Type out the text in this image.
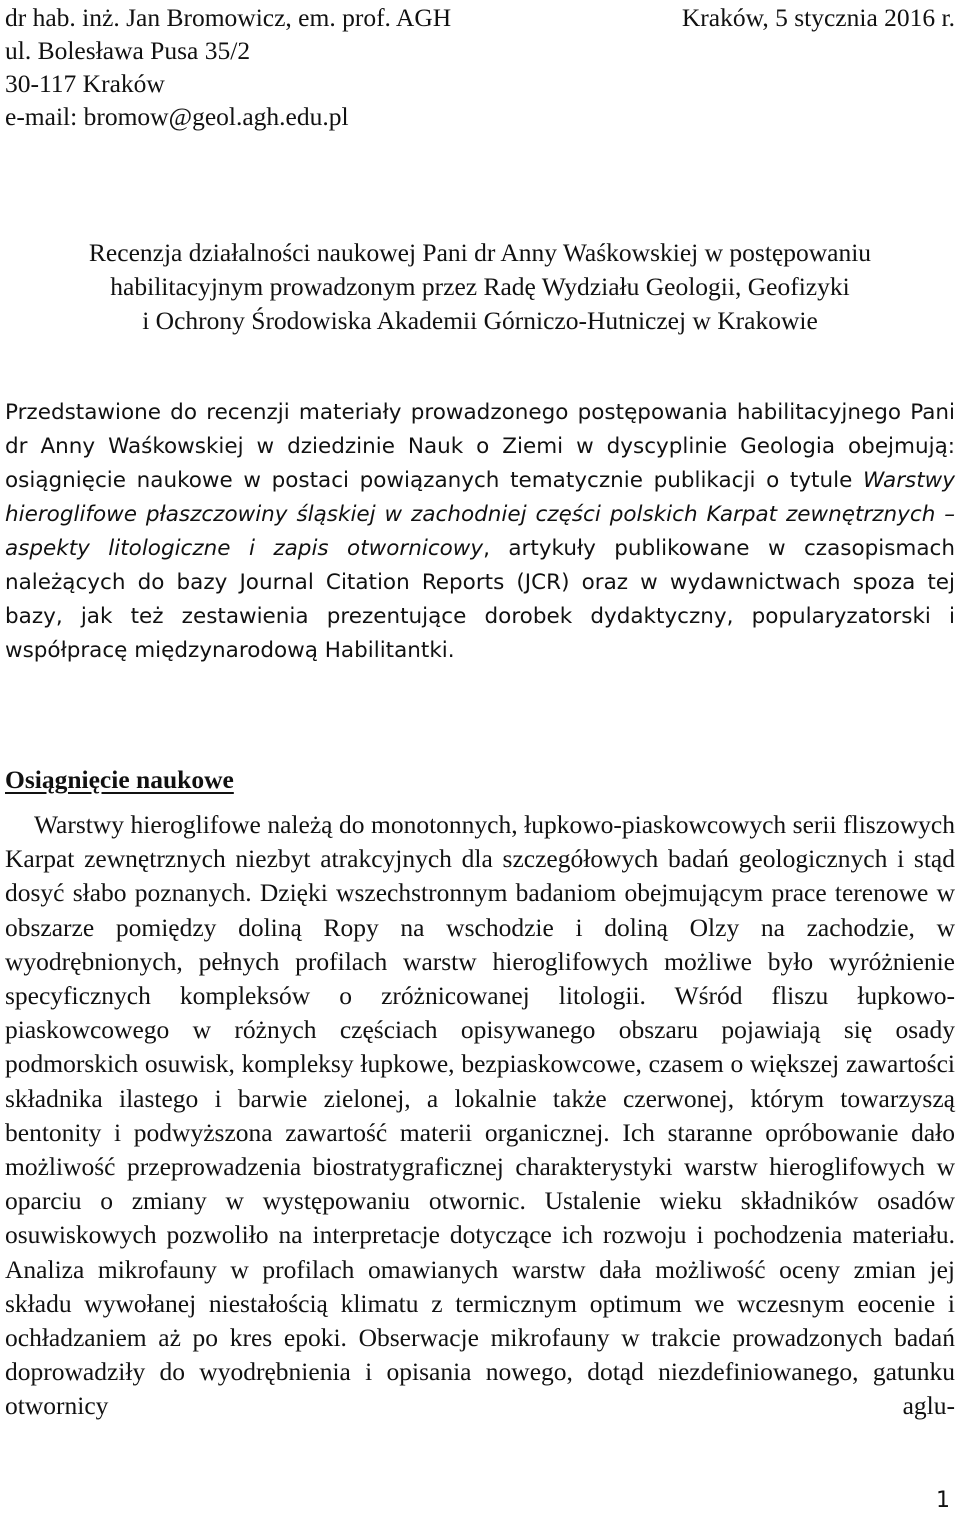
dr hab. inż. Jan Bromowicz, em. prof. AGH
ul. Bolesława Pusa 35/2
30-117 Kraków
e-mail: bromow@geol.agh.edu.pl
Kraków, 5 stycznia 2016 r.
Recenzja działalności naukowej Pani dr Anny Waśkowskiej w postępowaniu
habilitacyjnym prowadzonym przez Radę Wydziału Geologii, Geofizyki
i Ochrony Środowiska Akademii Górniczo-Hutniczej w Krakowie
Przedstawione do recenzji materiały prowadzonego postępowania habilitacyjnego Pani dr Anny Waśkowskiej w dziedzinie Nauk o Ziemi w dyscyplinie Geologia obejmują: osiągnięcie naukowe w postaci powiązanych tematycznie publikacji o tytule Warstwy hieroglifowe płaszczowiny śląskiej w zachodniej części polskich Karpat zewnętrznych – aspekty litologiczne i zapis otwornicowy, artykuły publikowane w czasopismach należących do bazy Journal Citation Reports (JCR) oraz w wydawnictwach spoza tej bazy, jak też zestawienia prezentujące dorobek dydaktyczny, popularyzatorski i współpracę międzynarodową Habilitantki.
Osiągnięcie naukowe
Warstwy hieroglifowe należą do monotonnych, łupkowo-piaskowcowych serii fliszowych Karpat zewnętrznych niezbyt atrakcyjnych dla szczegółowych badań geologicznych i stąd dosyć słabo poznanych. Dzięki wszechstronnym badaniom obejmującym prace terenowe w obszarze pomiędzy doliną Ropy na wschodzie i doliną Olzy na zachodzie, w wyodrębnionych, pełnych profilach warstw hieroglifowych możliwe było wyróżnienie specyficznych kompleksów o zróżnicowanej litologii. Wśród fliszu łupkowo-piaskowcowego w różnych częściach opisywanego obszaru pojawiają się osady podmorskich osuwisk, kompleksy łupkowe, bezpiaskowcowe, czasem o większej zawartości składnika ilastego i barwie zielonej, a lokalnie także czerwonej, którym towarzyszą bentonity i podwyższona zawartość materii organicznej. Ich staranne opróbowanie dało możliwość przeprowadzenia biostratygraficznej charakterystyki warstw hieroglifowych w oparciu o zmiany w występowaniu otwornic. Ustalenie wieku składników osadów osuwiskowych pozwoliło na interpretacje dotyczące ich rozwoju i pochodzenia materiału. Analiza mikrofauny w profilach omawianych warstw dała możliwość oceny zmian jej składu wywołanej niestałością klimatu z termicznym optimum we wczesnym eocenie i ochładzaniem aż po kres epoki. Obserwacje mikrofauny w trakcie prowadzonych badań doprowadziły do wyodrębnienia i opisania nowego, dotąd niezdefiniowanego, gatunku otwornicy aglu-
1
